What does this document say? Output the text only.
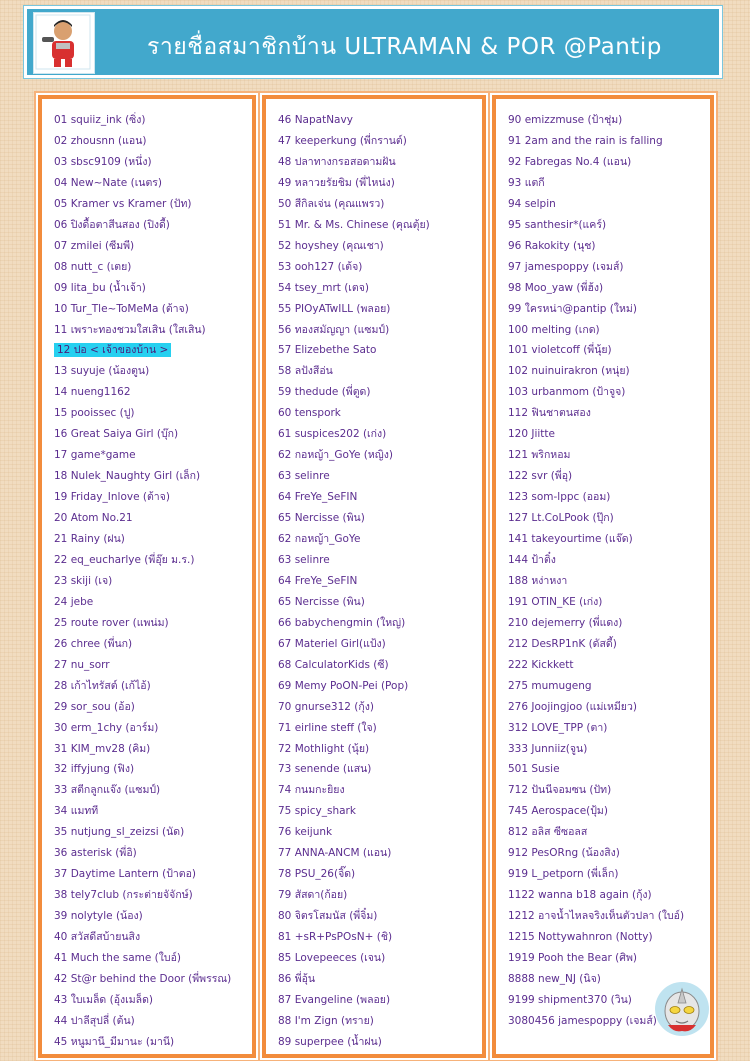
รายชื่อสมาชิกบ้าน ULTRAMAN & POR @Pantip
01 squiiz_ink (ซิ่ง)
02 zhousnn (แอน)
03 sbsc9109 (หนึ่ง)
04 New~Nate (เนตร)
05 Kramer vs Kramer (ปัท)
06 ปิงดื้อตาสีนสอง (ปิงดื้)
07 zmilei (ซีมพี)
08 nutt_c (เตย)
09 lita_bu (น้ำเจ้า)
10 Tur_Tle~ToMeMa (ต้าจ)
11 เพราะทองชวมใสเสิน (ใสเสิน)
12 ปอ < เจ้าของบ้าน >
13 suyuje (น้องตูน)
14 nueng1162
15 pooissec (ปู)
16 Great Saiya Girl (บุ๊ก)
17 game*game
18 Nulek_Naughty Girl (เล็ก)
19 Friday_Inlove (ต้าจ)
20 Atom No.21
21 Rainy (ฝน)
22 eq_eucharlye (พี่อุ๊ย ม.ร.)
23 skiji (เจ)
24 jebe
25 route rover (แพน่ม)
26 chree (พี่นก)
27 nu_sorr
28 เก้าไทรัสต์ (เก้ไอ้)
29 sor_sou (อ้อ)
30 erm_1chy (อาร์ม)
31 KIM_mv28 (คิม)
32 iffyjung (ฟิง)
33 สตีกลูกแจ๊ง (แซมป์)
34 แมทที
35 nutjung_sl_zeizsi (นัด)
36 asterisk (พี่อิ)
37 Daytime Lantern (ป้าตอ)
38 tely7club (กระต่ายจัจักษ์)
39 nolytyle (น้อง)
40 สวัสดีสบ้ายนสิง
41 Much the same (ใบอ์)
42 St@r behind the Door (พี่พรรณ)
43 ใบเมล็ด (อุ้งเมล็ด)
44 ปาลีสุปลี่ (ต้น)
45 หนูมานี_มีมานะ (มานี)
46 NapatNavy
47 keeperkung (พี่กรานต์)
48 ปลาทางกรอสอดามฝัน
49 หลาวยรัยชิม (พี่ไหน่ง)
50 สีกิลเจ่น (คุณแพรว)
51 Mr. & Ms. Chinese (คุณตุ้ย)
52 hoyshey (คุณเชา)
53 ooh127 (เต้จ)
54 tsey_mrt (เตจ)
55 PIOyATwILL (พลอย)
56 ทองสมัญญา (แซมป์)
57 Elizebethe Sato
58 ลปังสีอ่น
59 thedude (พี่ตูด)
60 tenspork
61 suspices202 (เก่ง)
62 กอหญ้า_GoYe (หญิง)
63 selinre
64 FreYe_SeFIN
65 Nercisse (พิน)
62 กอหญ้า_GoYe
63 selinre
64 FreYe_SeFIN
65 Nercisse (พิน)
66 babychengmin (ใหญ่)
67 Materiel Girl(แป้ง)
68 CalculatorKids (ซี)
69 Memy PoON-Pei (Pop)
70 gnurse312 (กุ้ง)
71 eirline steff (ใจ)
72 Mothlight (นุ้ย)
73 senende (แสน)
74 กนมกะยิยง
75 spicy_shark
76 keijunk
77 ANNA-ANCM (แอน)
78 PSU_26(จิ๊ด)
79 สัสดา(ก้อย)
80 จิตรโสมนัส (พี่จิ๋ม)
81 +sR+PsPOsN+ (ชิ)
85 Lovepeeces (เจน)
86 พี่อุ้น
87 Evangeline (พลอย)
88 I'm Zign (ทราย)
89 superpee (น้ำฝน)
90 emizzmuse (ป้าชุ่ม)
91 2am and the rain is falling
92 Fabregas No.4 (แอน)
93 แตกี
94 selpin
95 santhesir*(แคร์)
96 Rakokity (นุช)
97 jamespoppy (เจมส์)
98 Moo_yaw (พี่ฮ้ง)
99 ใครหน่า@pantip (ใหม่)
100 melting (เกด)
101 violetcoff (พี่นุ้ย)
102 nuinuirakron (หนุ่ย)
103 urbanmom (ป้าจูจ)
112 ฟินชาตนสอง
120 Jiitte
121 พริกหอม
122 svr (พี่อุ)
123 som-lppc (ออม)
127 Lt.CoLPook (ปุ๊ก)
141 takeyourtime (แจ๊ด)
144 ป้าติ๋ง
188 หง่าหงา
191 OTIN_KE (เก่ง)
210 dejemerry (พี่แดง)
212 DesRP1nK (ดัสดี้)
222 Kickkett
275 mumugeng
276 Joojingjoo (แม่เหมียว)
312 LOVE_TPP (ตา)
333 Junniiz(จูน)
501 Susie
712 ปันนีจอมซน (ปัท)
745 Aerospace(ปุ้ม)
812 อลิส ซีซอลส
912 PesORng (น้องสิง)
919 L_petporn (พี่เล็ก)
1122 wanna b18 again (กุ้ง)
1212 อาจน้ำไหลจริงเห็นตัวปลา (ใบอ์)
1215 Nottywahnron (Notty)
1919 Pooh the Bear (ศิพ)
8888 new_NJ (นิจ)
9199 shipment370 (วิน)
3080456 jamespoppy (เจมส์)
